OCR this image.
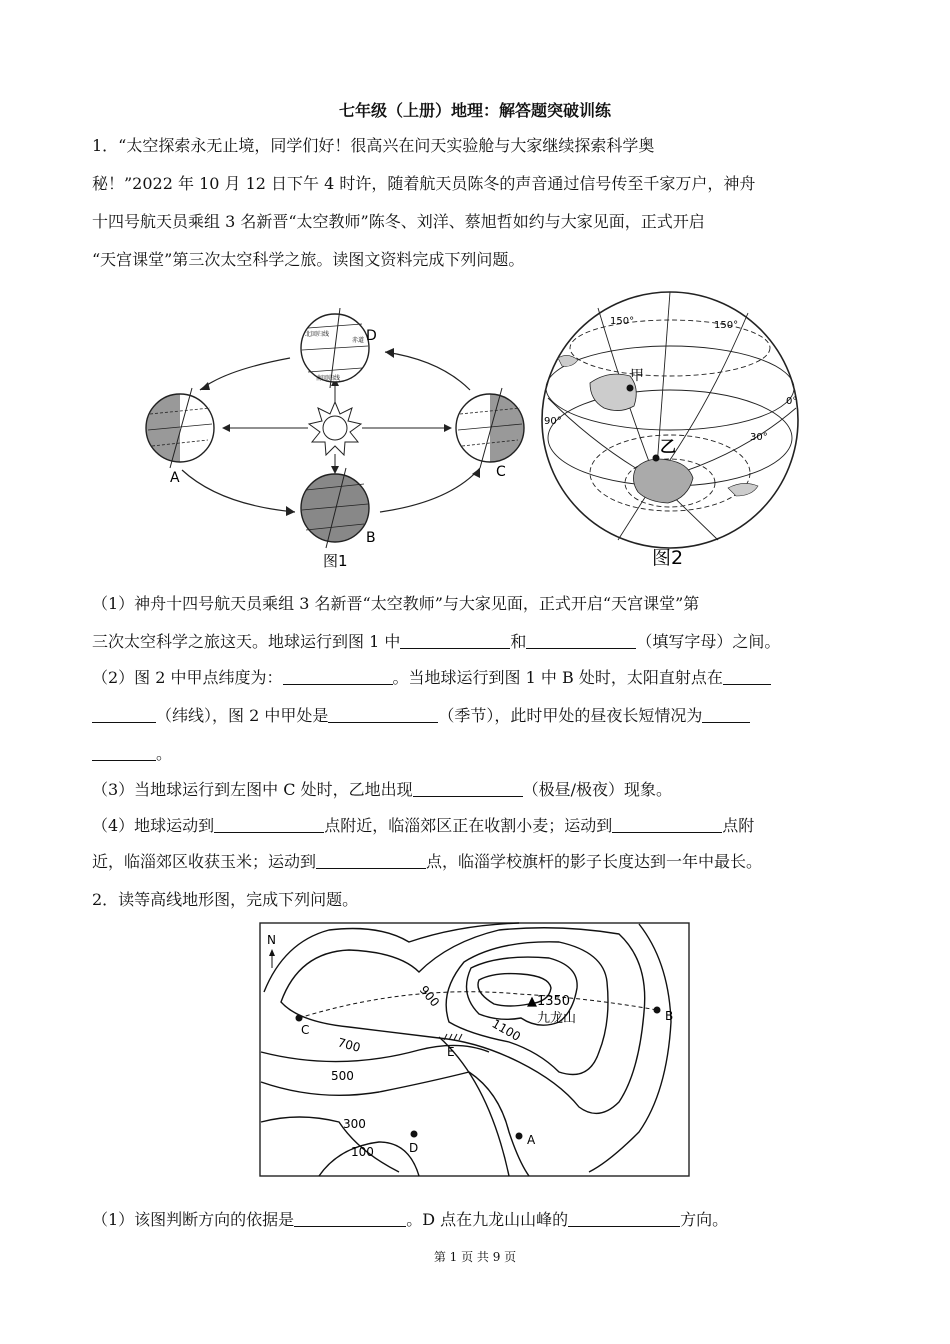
七年级（上册）地理：解答题突破训练
1．“太空探索永无止境，同学们好！很高兴在问天实验舱与大家继续探索科学奥
秘！”2022 年 10 月 12 日下午 4 时许，随着航天员陈冬的声音通过信号传至千家万户，神舟
十四号航天员乘组 3 名新晋“太空教师”陈冬、刘洋、蔡旭哲如约与大家见面，正式开启
“天宫课堂”第三次太空科学之旅。读图文资料完成下列问题。
北回归线
赤道
南回归线
D
A	C
B
图1
甲
乙
150°	150°
0°
90°
30°
图2
（1）神舟十四号航天员乘组 3 名新晋“太空教师”与大家见面，正式开启“天宫课堂”第
三次太空科学之旅这天。地球运行到图 1 中	和	（填写字母）之间。
（2）图 2 中甲点纬度为：	。当地球运行到图 1 中 B 处时，太阳直射点在
（纬线），图 2 中甲处是	（季节），此时甲处的昼夜长短情况为
。
（3）当地球运行到左图中 C 处时，乙地出现	（极昼/极夜）现象。
（4）地球运动到	点附近，临淄郊区正在收割小麦；运动到	点附
近，临淄郊区收获玉米；运动到	点，临淄学校旗杆的影子长度达到一年中最长。
2．读等高线地形图，完成下列问题。
N
▲1350
九龙山
1100
900
700
500
300
100
A
B
C
D
E
（1）该图判断方向的依据是	。D 点在九龙山山峰的	方向。
第 1 页 共 9 页
